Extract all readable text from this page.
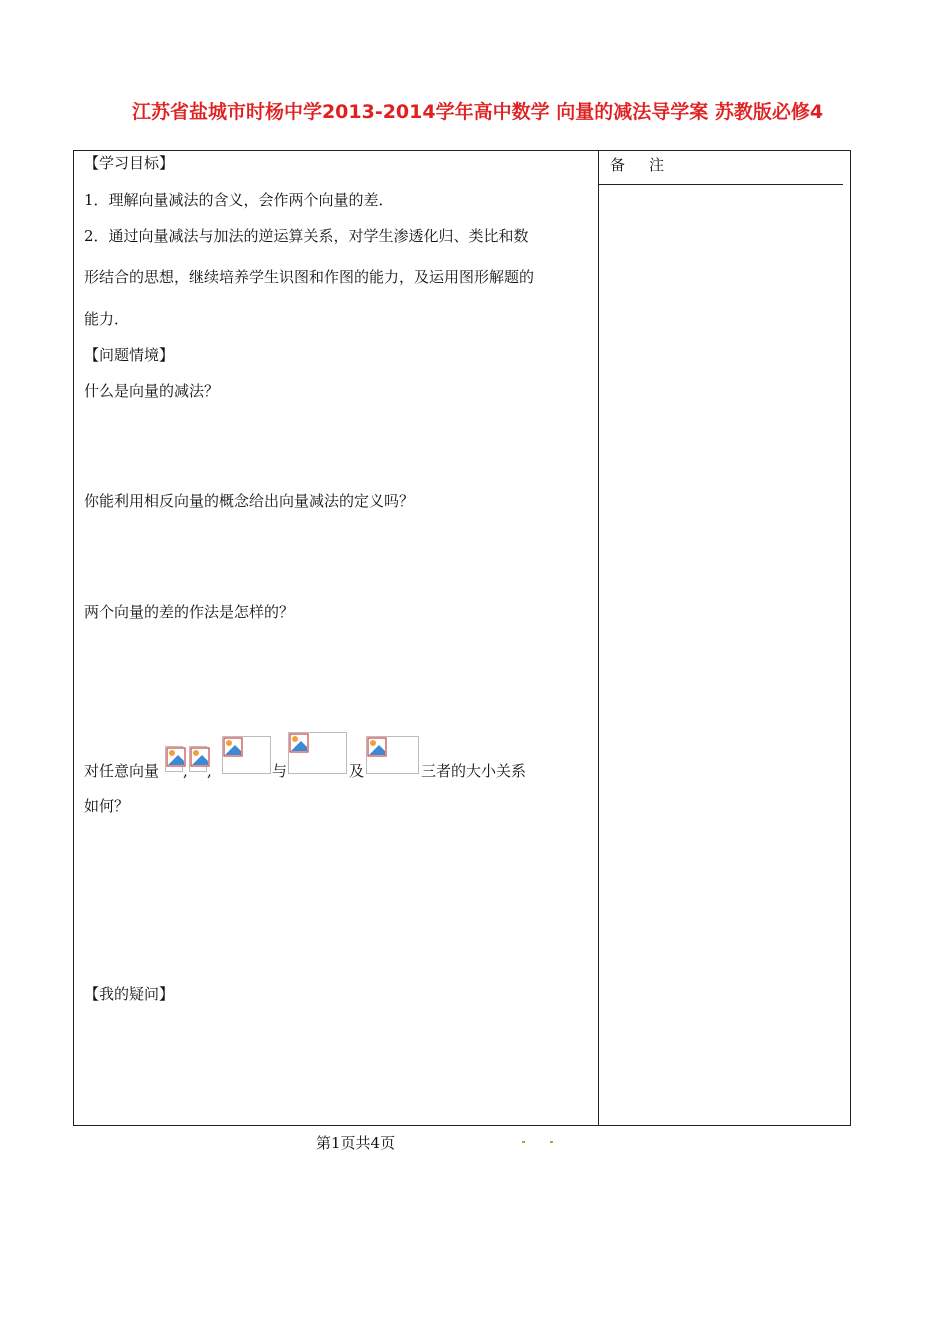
江苏省盐城市时杨中学2013-2014学年高中数学 向量的减法导学案 苏教版必修4
备注
【学习目标】
1．理解向量减法的含义，会作两个向量的差．
2．通过向量减法与加法的逆运算关系，对学生渗透化归、类比和数
形结合的思想，继续培养学生识图和作图的能力，及运用图形解题的
能力．
【问题情境】
什么是向量的减法？
你能利用相反向量的概念给出向量减法的定义吗？
两个向量的差的作法是怎样的？
对任意向量 , ,	与	及	三者的大小关系
如何？
【我的疑问】
第1页共4页
